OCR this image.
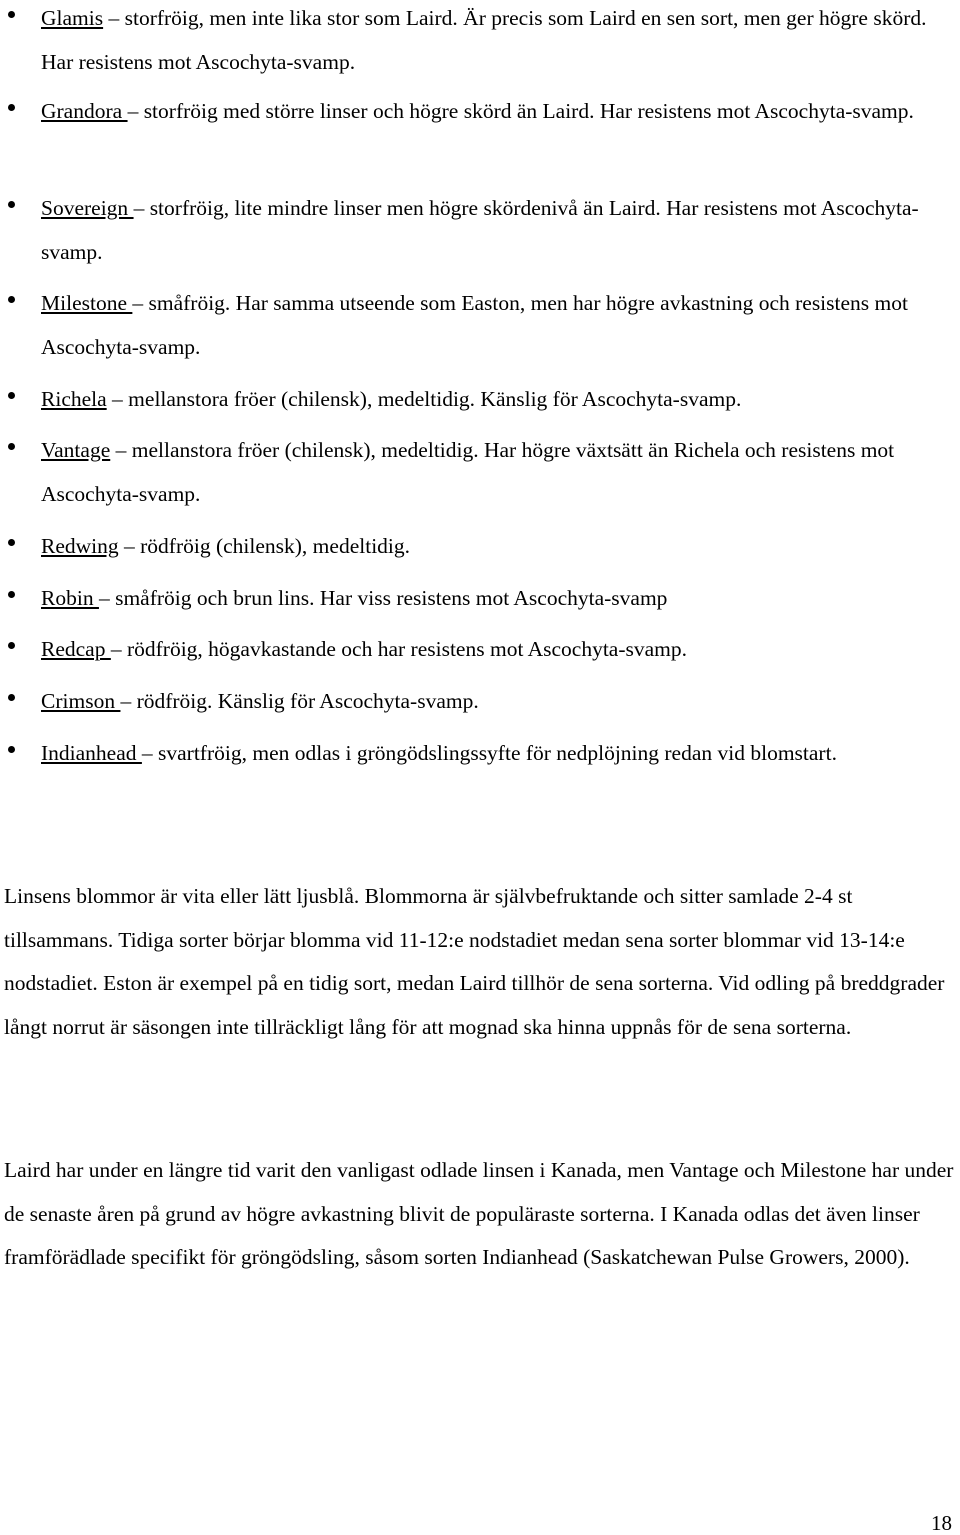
Glamis – storfröig, men inte lika stor som Laird. Är precis som Laird en sen sort, men ger högre skörd. Har resistens mot Ascochyta-svamp.
Grandora – storfröig med större linser och högre skörd än Laird. Har resistens mot Ascochyta-svamp.
Sovereign – storfröig, lite mindre linser men högre skördenivå än Laird. Har resistens mot Ascochyta-svamp.
Milestone – småfröig. Har samma utseende som Easton, men har högre avkastning och resistens mot Ascochyta-svamp.
Richela – mellanstora fröer (chilensk), medeltidig. Känslig för Ascochyta-svamp.
Vantage – mellanstora fröer (chilensk), medeltidig. Har högre växtsätt än Richela och resistens mot Ascochyta-svamp.
Redwing – rödfröig (chilensk), medeltidig.
Robin – småfröig och brun lins. Har viss resistens mot Ascochyta-svamp
Redcap – rödfröig, högavkastande och har resistens mot Ascochyta-svamp.
Crimson – rödfröig. Känslig för Ascochyta-svamp.
Indianhead – svartfröig, men odlas i gröngödslingssyfte för nedplöjning redan vid blomstart.

Linsens blommor är vita eller lätt ljusblå. Blommorna är självbefruktande och sitter samlade 2-4 st tillsammans. Tidiga sorter börjar blomma vid 11-12:e nodstadiet medan sena sorter blommar vid 13-14:e nodstadiet. Eston är exempel på en tidig sort, medan Laird tillhör de sena sorterna. Vid odling på breddgrader långt norrut är säsongen inte tillräckligt lång för att mognad ska hinna uppnås för de sena sorterna.

Laird har under en längre tid varit den vanligast odlade linsen i Kanada, men Vantage och Milestone har under de senaste åren på grund av högre avkastning blivit de populäraste sorterna. I Kanada odlas det även linser framförädlade specifikt för gröngödsling, såsom sorten Indianhead (Saskatchewan Pulse Growers, 2000).

18
